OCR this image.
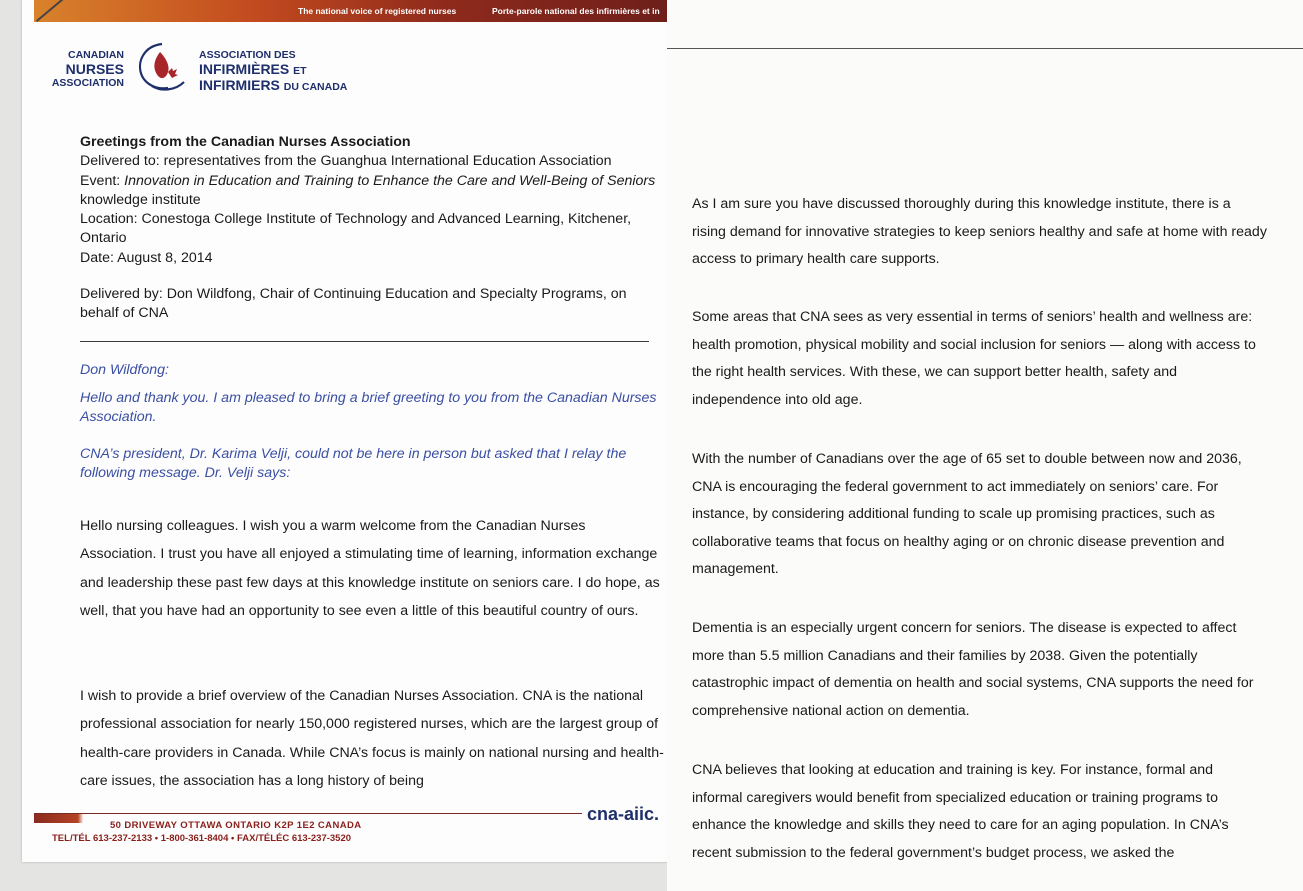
The national voice of registered nurses	Porte-parole national des infirmières et in
CANADIAN
NURSES
ASSOCIATION
ASSOCIATION DES
INFIRMIÈRES ET
INFIRMIERS DU CANADA
Greetings from the Canadian Nurses Association
Delivered to: representatives from the Guanghua International Education Association
Event: Innovation in Education and Training to Enhance the Care and Well-Being of Seniors knowledge institute
Location: Conestoga College Institute of Technology and Advanced Learning, Kitchener, Ontario
Date: August 8, 2014
Delivered by: Don Wildfong, Chair of Continuing Education and Specialty Programs, on behalf of CNA
Don Wildfong:
Hello and thank you. I am pleased to bring a brief greeting to you from the Canadian Nurses Association.
CNA’s president, Dr. Karima Velji, could not be here in person but asked that I relay the following message. Dr. Velji says:
Hello nursing colleagues. I wish you a warm welcome from the Canadian Nurses Association. I trust you have all enjoyed a stimulating time of learning, information exchange and leadership these past few days at this knowledge institute on seniors care. I do hope, as well, that you have had an opportunity to see even a little of this beautiful country of ours.
I wish to provide a brief overview of the Canadian Nurses Association. CNA is the national professional association for nearly 150,000 registered nurses, which are the largest group of health-care providers in Canada. While CNA’s focus is mainly on national nursing and health-care issues, the association has a long history of being
50 DRIVEWAY OTTAWA ONTARIO K2P 1E2 CANADA
TEL/TÉL 613-237-2133 • 1-800-361-8404 • FAX/TÉLÉC 613-237-3520
cna-aiic.
As I am sure you have discussed thoroughly during this knowledge institute, there is a rising demand for innovative strategies to keep seniors healthy and safe at home with ready access to primary health care supports.
Some areas that CNA sees as very essential in terms of seniors’ health and wellness are: health promotion, physical mobility and social inclusion for seniors — along with access to the right health services. With these, we can support better health, safety and independence into old age.
With the number of Canadians over the age of 65 set to double between now and 2036, CNA is encouraging the federal government to act immediately on seniors’ care. For instance, by considering additional funding to scale up promising practices, such as collaborative teams that focus on healthy aging or on chronic disease prevention and management.
Dementia is an especially urgent concern for seniors. The disease is expected to affect more than 5.5 million Canadians and their families by 2038. Given the potentially catastrophic impact of dementia on health and social systems, CNA supports the need for comprehensive national action on dementia.
CNA believes that looking at education and training is key. For instance, formal and informal caregivers would benefit from specialized education or training programs to enhance the knowledge and skills they need to care for an aging population. In CNA’s recent submission to the federal government’s budget process, we asked the
